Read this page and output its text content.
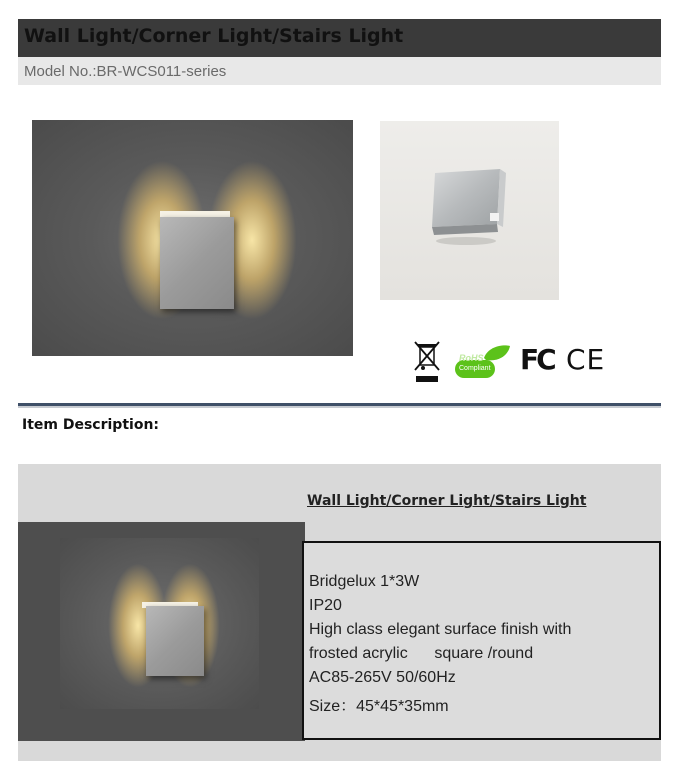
Wall Light/Corner Light/Stairs Light
Model No.:BR-WCS011-series
RoHS
Compliant FC CE
Item Description:
Wall Light/Corner Light/Stairs Light
Bridgelux 1*3W
IP20
High class elegant surface finish with
frosted acrylic      square /round
AC85-265V 50/60Hz
Size：45*45*35mm
